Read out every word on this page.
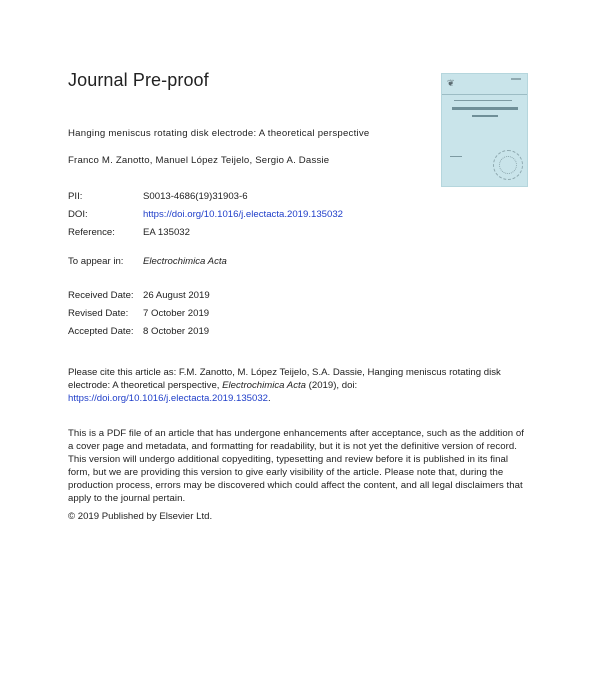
Journal Pre-proof	❦
Hanging meniscus rotating disk electrode: A theoretical perspective
Franco M. Zanotto, Manuel López Teijelo, Sergio A. Dassie
PII:	S0013-4686(19)31903-6
DOI:	https://doi.org/10.1016/j.electacta.2019.135032
Reference:	EA 135032
To appear in: Electrochimica Acta
Received Date: 26 August 2019
Revised Date: 7 October 2019
Accepted Date: 8 October 2019
Please cite this article as: F.M. Zanotto, M. López Teijelo, S.A. Dassie, Hanging meniscus rotating disk electrode: A theoretical perspective, Electrochimica Acta (2019), doi: https://doi.org/10.1016/j.electacta.2019.135032.
This is a PDF file of an article that has undergone enhancements after acceptance, such as the addition of a cover page and metadata, and formatting for readability, but it is not yet the definitive version of record. This version will undergo additional copyediting, typesetting and review before it is published in its final form, but we are providing this version to give early visibility of the article. Please note that, during the production process, errors may be discovered which could affect the content, and all legal disclaimers that apply to the journal pertain.
© 2019 Published by Elsevier Ltd.
